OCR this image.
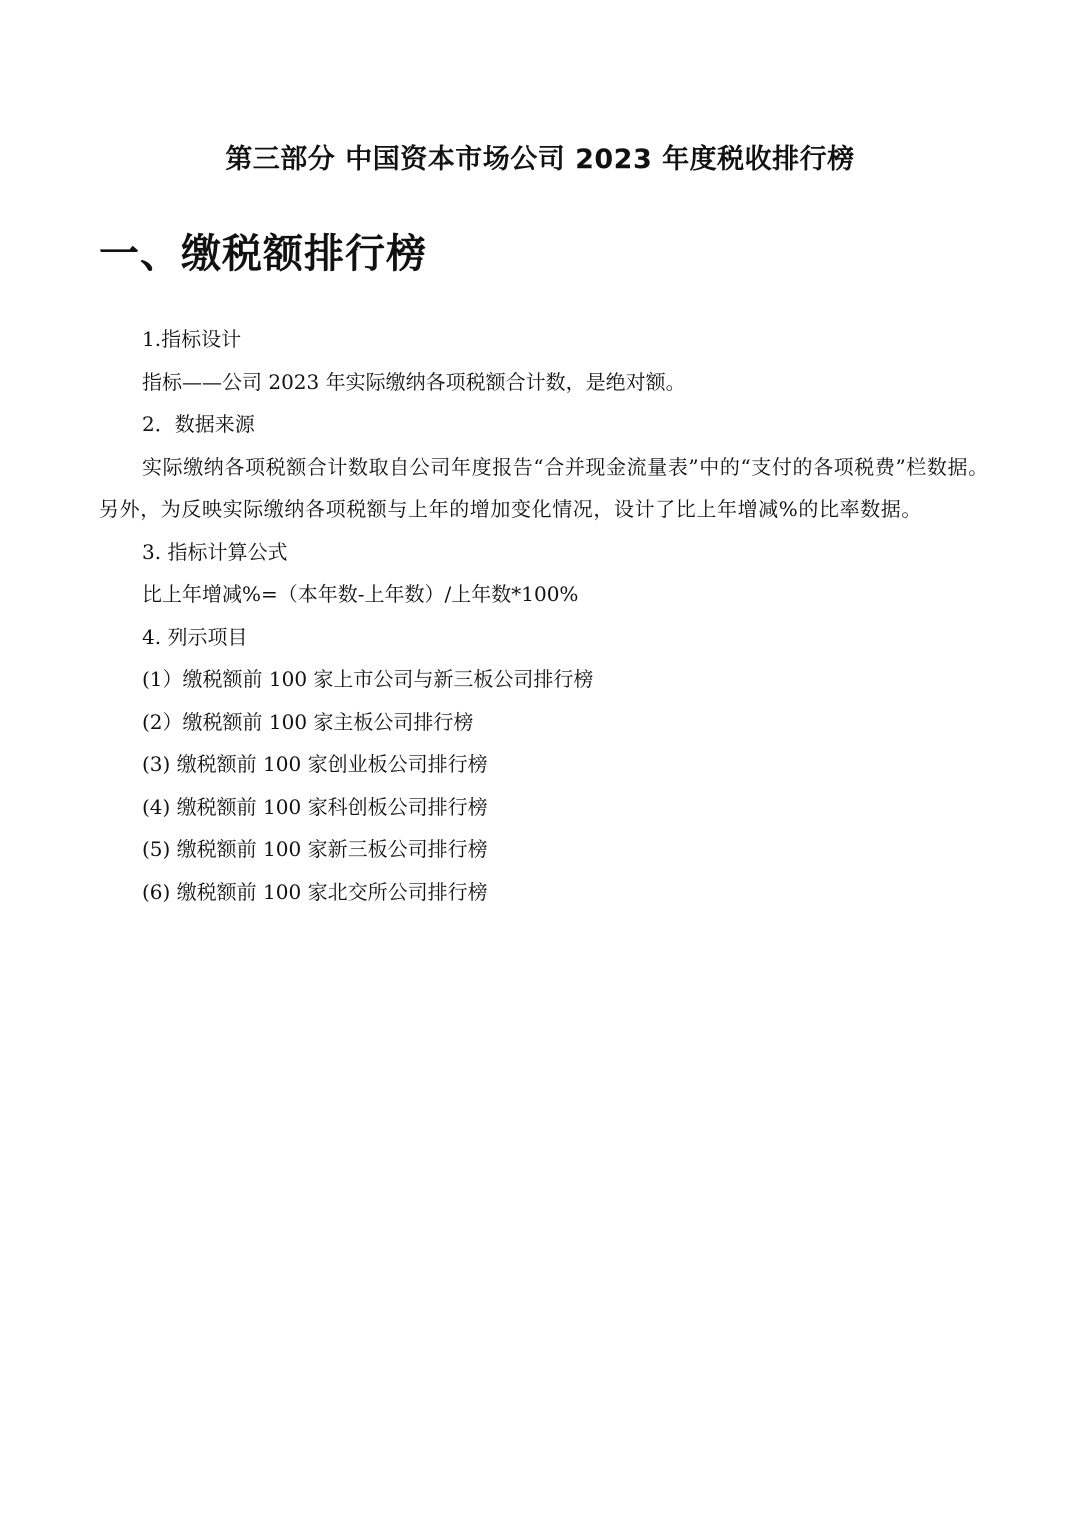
第三部分 中国资本市场公司 2023 年度税收排行榜
一、缴税额排行榜
1.指标设计
指标——公司 2023 年实际缴纳各项税额合计数，是绝对额。
2．数据来源

实际缴纳各项税额合计数取自公司年度报告“合并现金流量表”中的“支付的各项税费”栏数据。另外，为反映实际缴纳各项税额与上年的增加变化情况，设计了比上年增减%的比率数据。

3. 指标计算公式
比上年增减%=（本年数-上年数）/上年数*100%
4. 列示项目
(1）缴税额前 100 家上市公司与新三板公司排行榜
(2）缴税额前 100 家主板公司排行榜
(3) 缴税额前 100 家创业板公司排行榜
(4) 缴税额前 100 家科创板公司排行榜
(5) 缴税额前 100 家新三板公司排行榜
(6) 缴税额前 100 家北交所公司排行榜
